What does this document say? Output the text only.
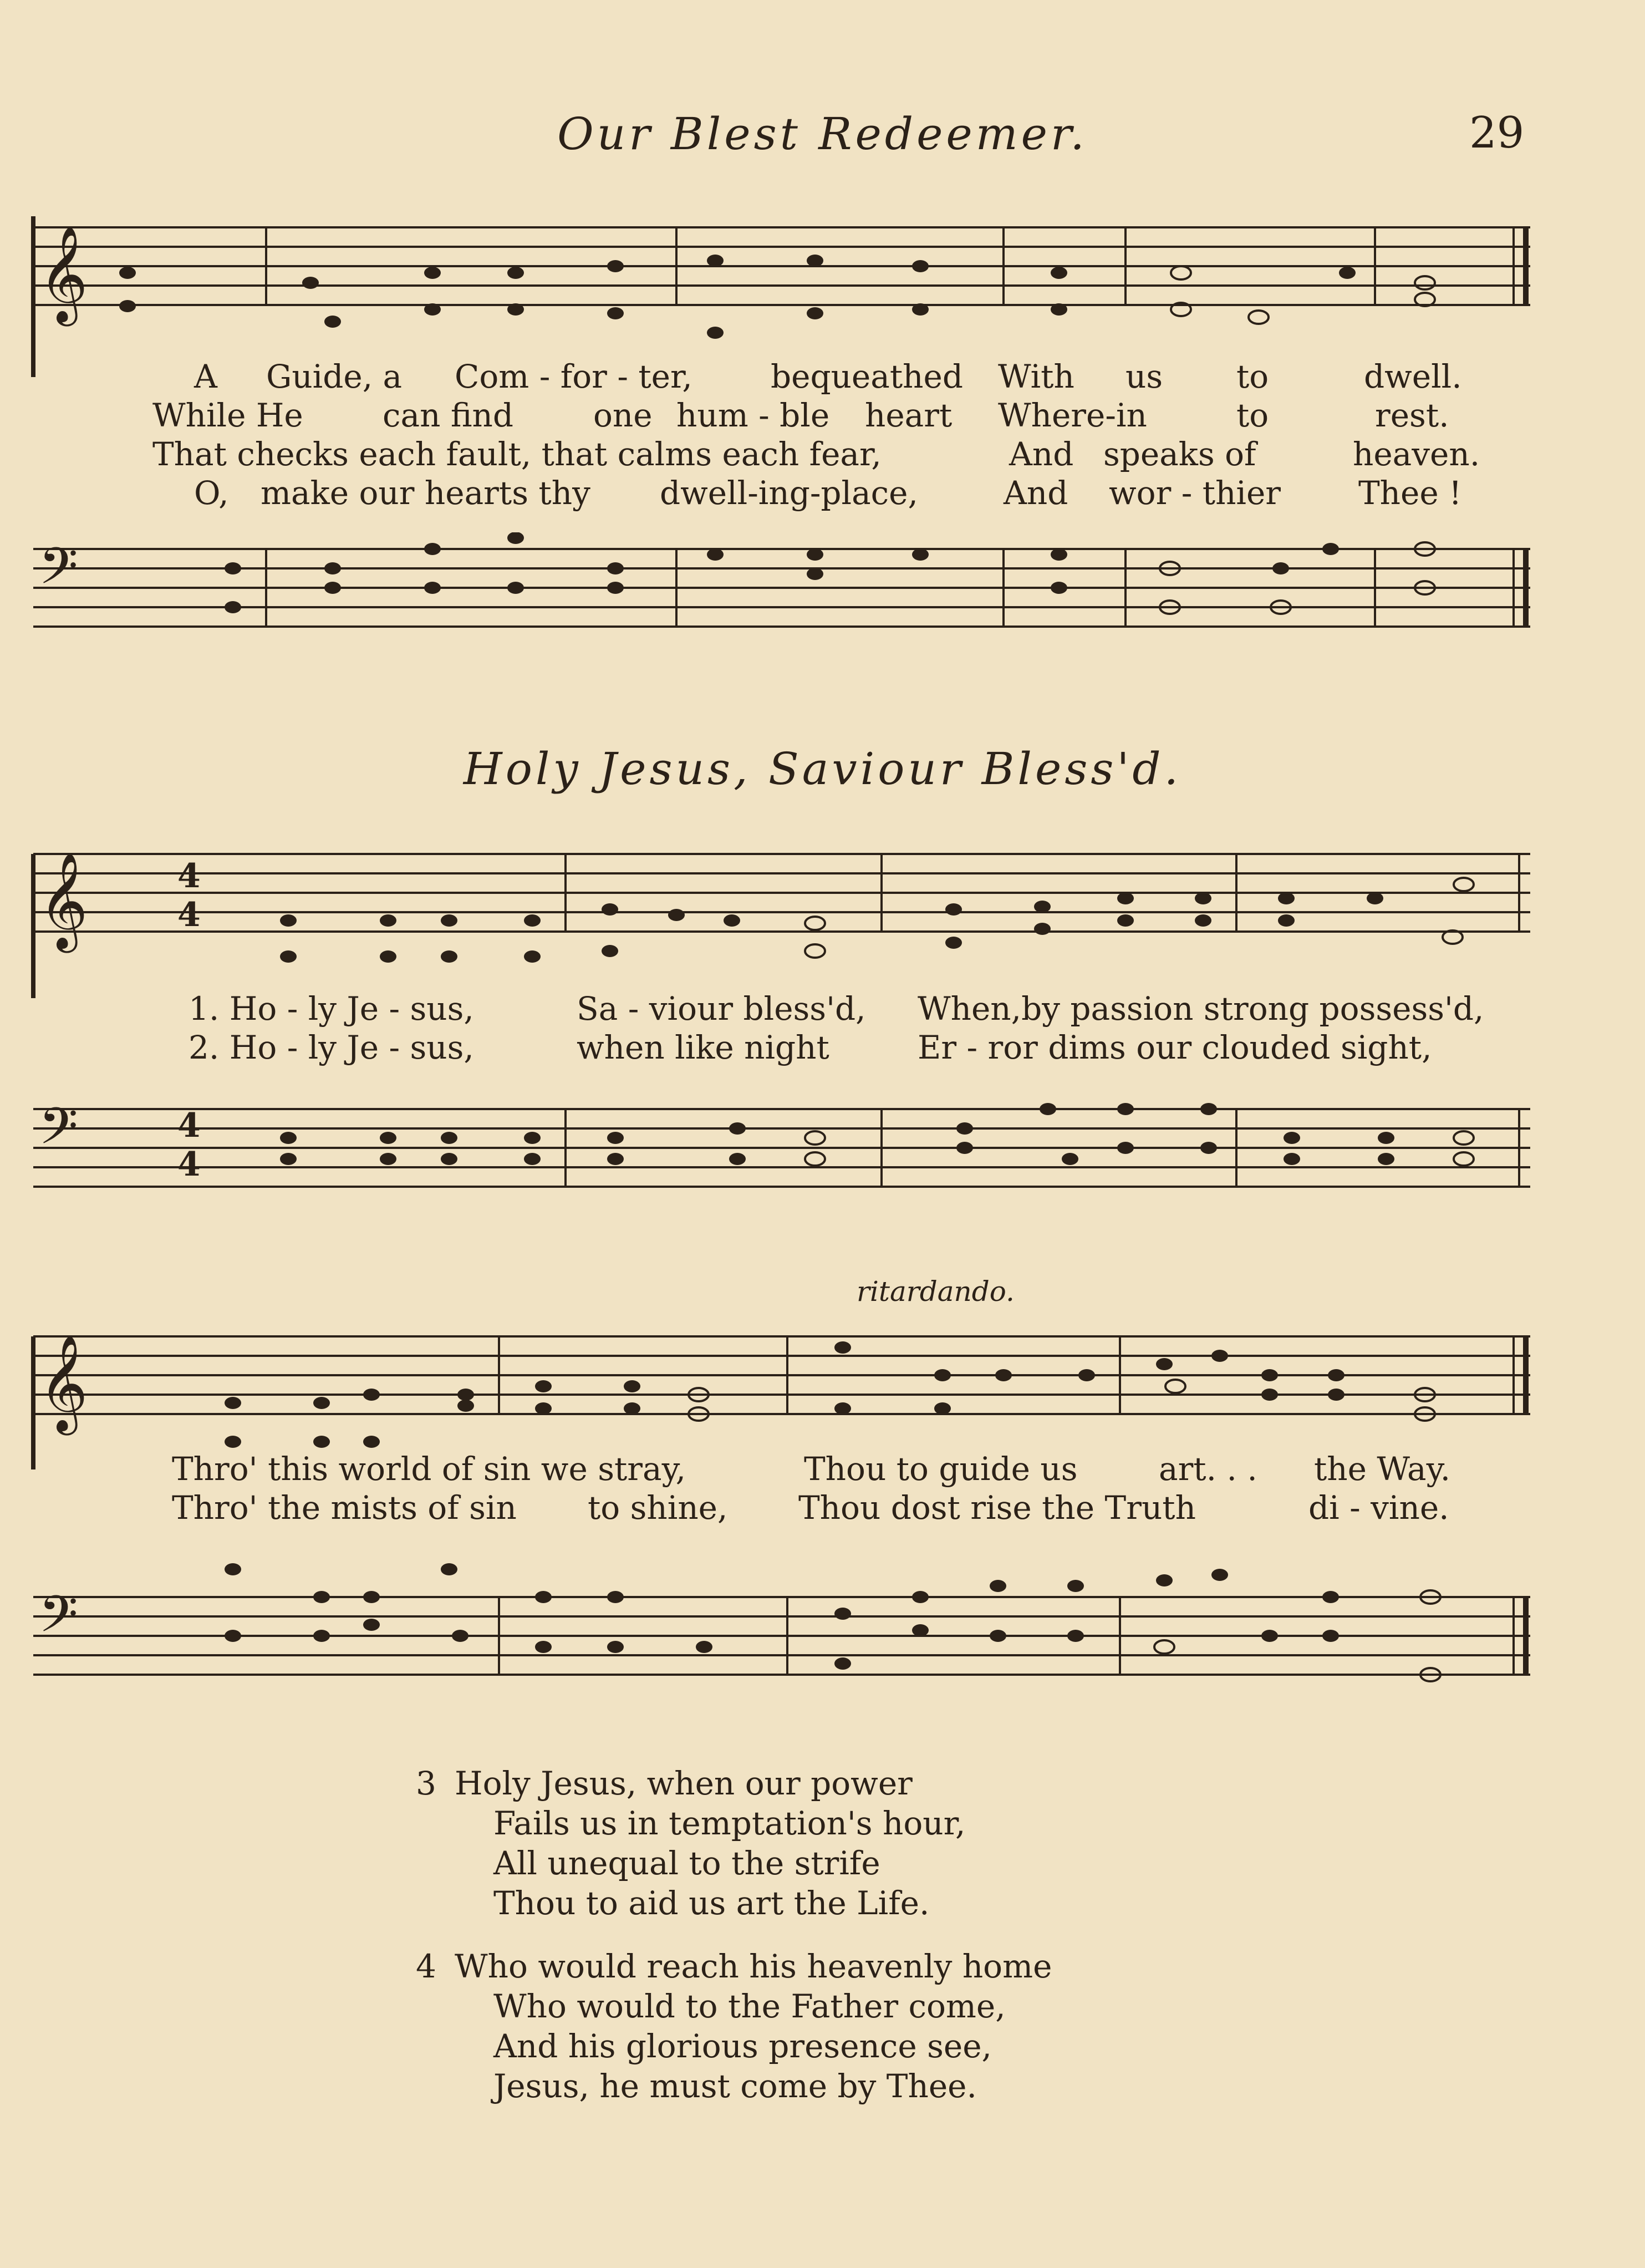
Our Blest Redeemer.	29
𝄞
A Guide, a Com - for - ter, bequeathed With us to	dwell.
While He can find one hum - ble heart Where-in	to	rest.
That checks each fault, that calms each fear,	And speaks of	heaven.
O, make our hearts thy dwell-ing-place,	And wor - thier Thee !
𝄢
Holy Jesus, Saviour Bless'd.
𝄞	4
4
1. Ho - ly Je - sus,	Sa - viour bless'd, When,by passion strong possess'd,
2. Ho - ly Je - sus,	when like night	Er - ror dims our clouded sight,
𝄢	4
4
ritardando.
𝄞
Thro' this world of sin we stray,	Thou to guide us	art. . . the Way.
Thro' the mists of sin to shine, Thou dost rise the Truth	di - vine.
𝄢
3 Holy Jesus, when our power
Fails us in temptation's hour,
All unequal to the strife
Thou to aid us art the Life.
4 Who would reach his heavenly home
Who would to the Father come,
And his glorious presence see,
Jesus, he must come by Thee.
